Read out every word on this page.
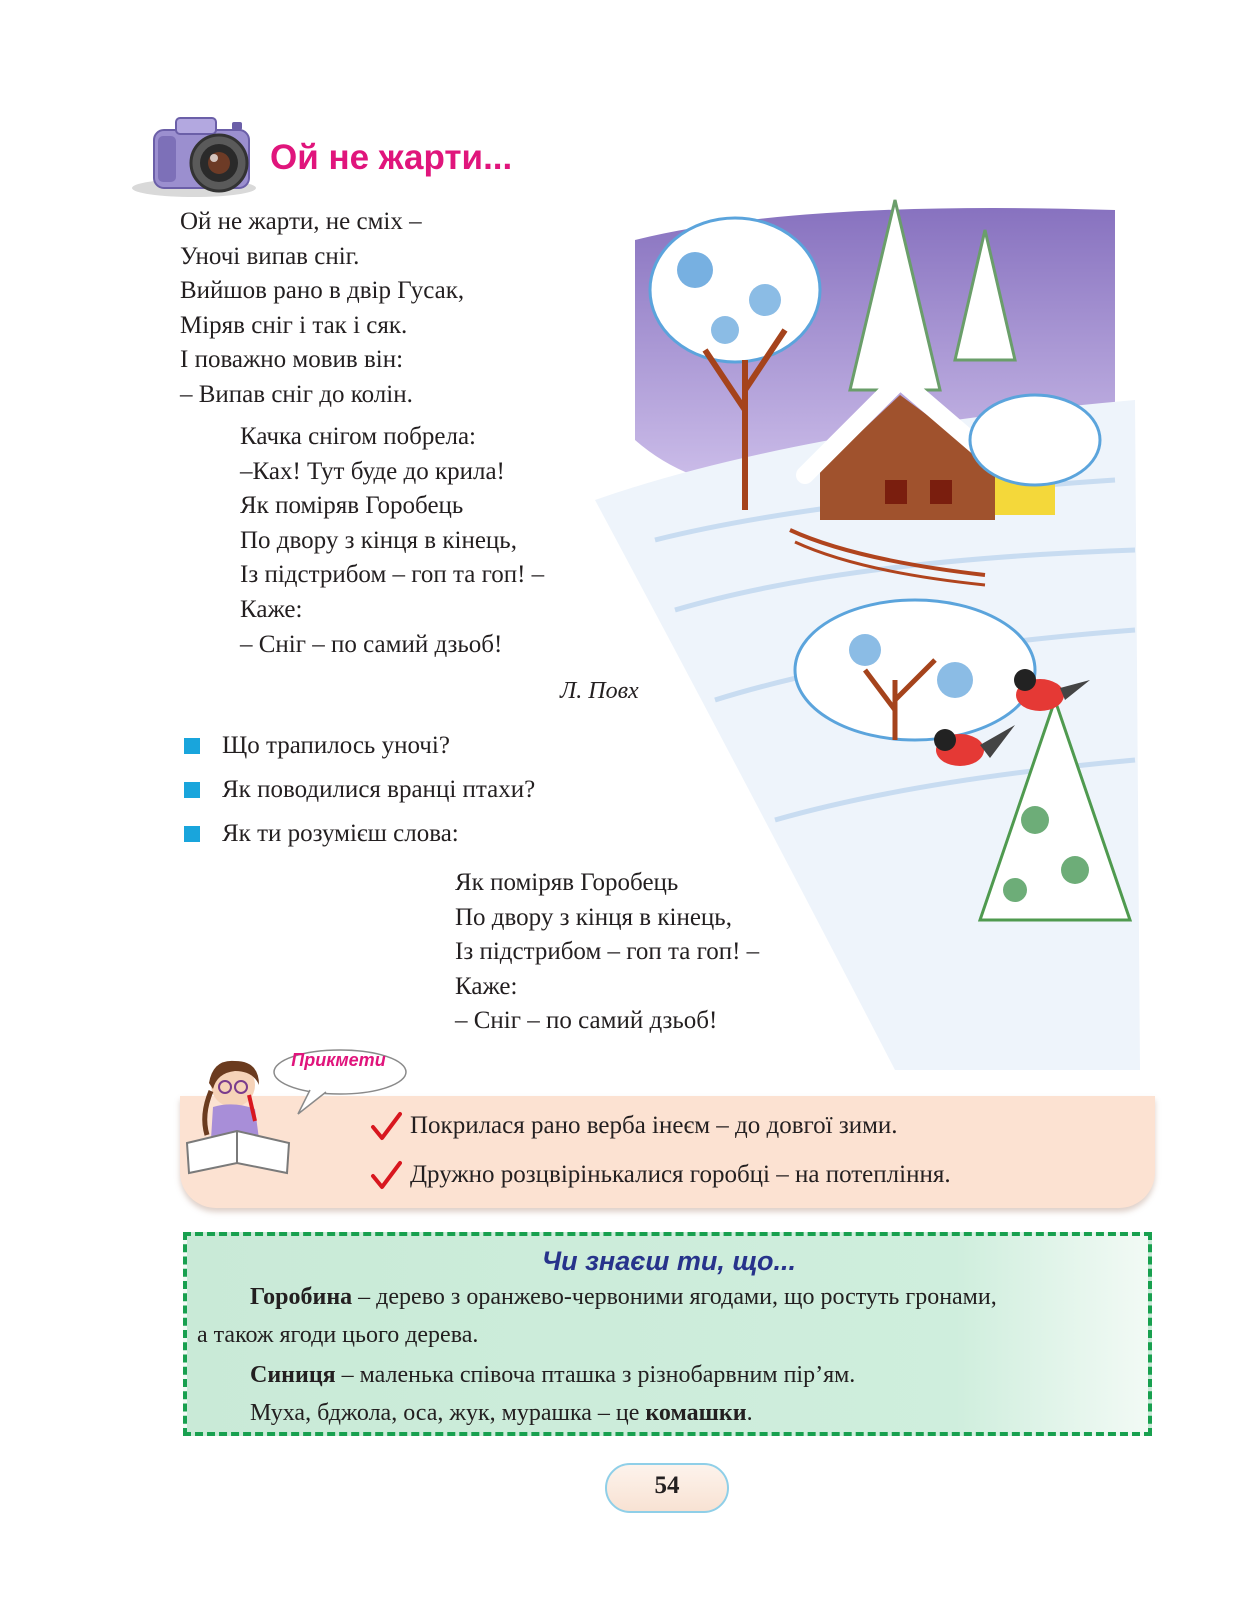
Ой не жарти...
Ой не жарти, не сміх –
Уночі випав сніг.
Вийшов рано в двір Гусак,
Міряв сніг і так і сяк.
І поважно мовив він:
– Випав сніг до колін.
Качка снігом побрела:
–Ках! Тут буде до крила!
Як поміряв Горобець
По двору з кінця в кінець,
Із підстрибом – гоп та гоп! –
Каже:
– Сніг – по самий дзьоб!
Л. Повх
Що трапилось уночі?
Як поводилися вранці птахи?
Як ти розумієш слова:
Як поміряв Горобець
По двору з кінця в кінець,
Із підстрибом – гоп та гоп! –
Каже:
– Сніг – по самий дзьоб!
Прикмети
Покрилася рано верба інеєм – до довгої зими.
Дружно розцвірінькалися горобці – на потепління.
Чи знаєш ти, що...
Горобина – дерево з оранжево-червоними ягодами, що ростуть гронами,
а також ягоди цього дерева.
Синиця – маленька співоча пташка з різнобарвним пір’ям.
Муха, бджола, оса, жук, мурашка – це комашки.
54
